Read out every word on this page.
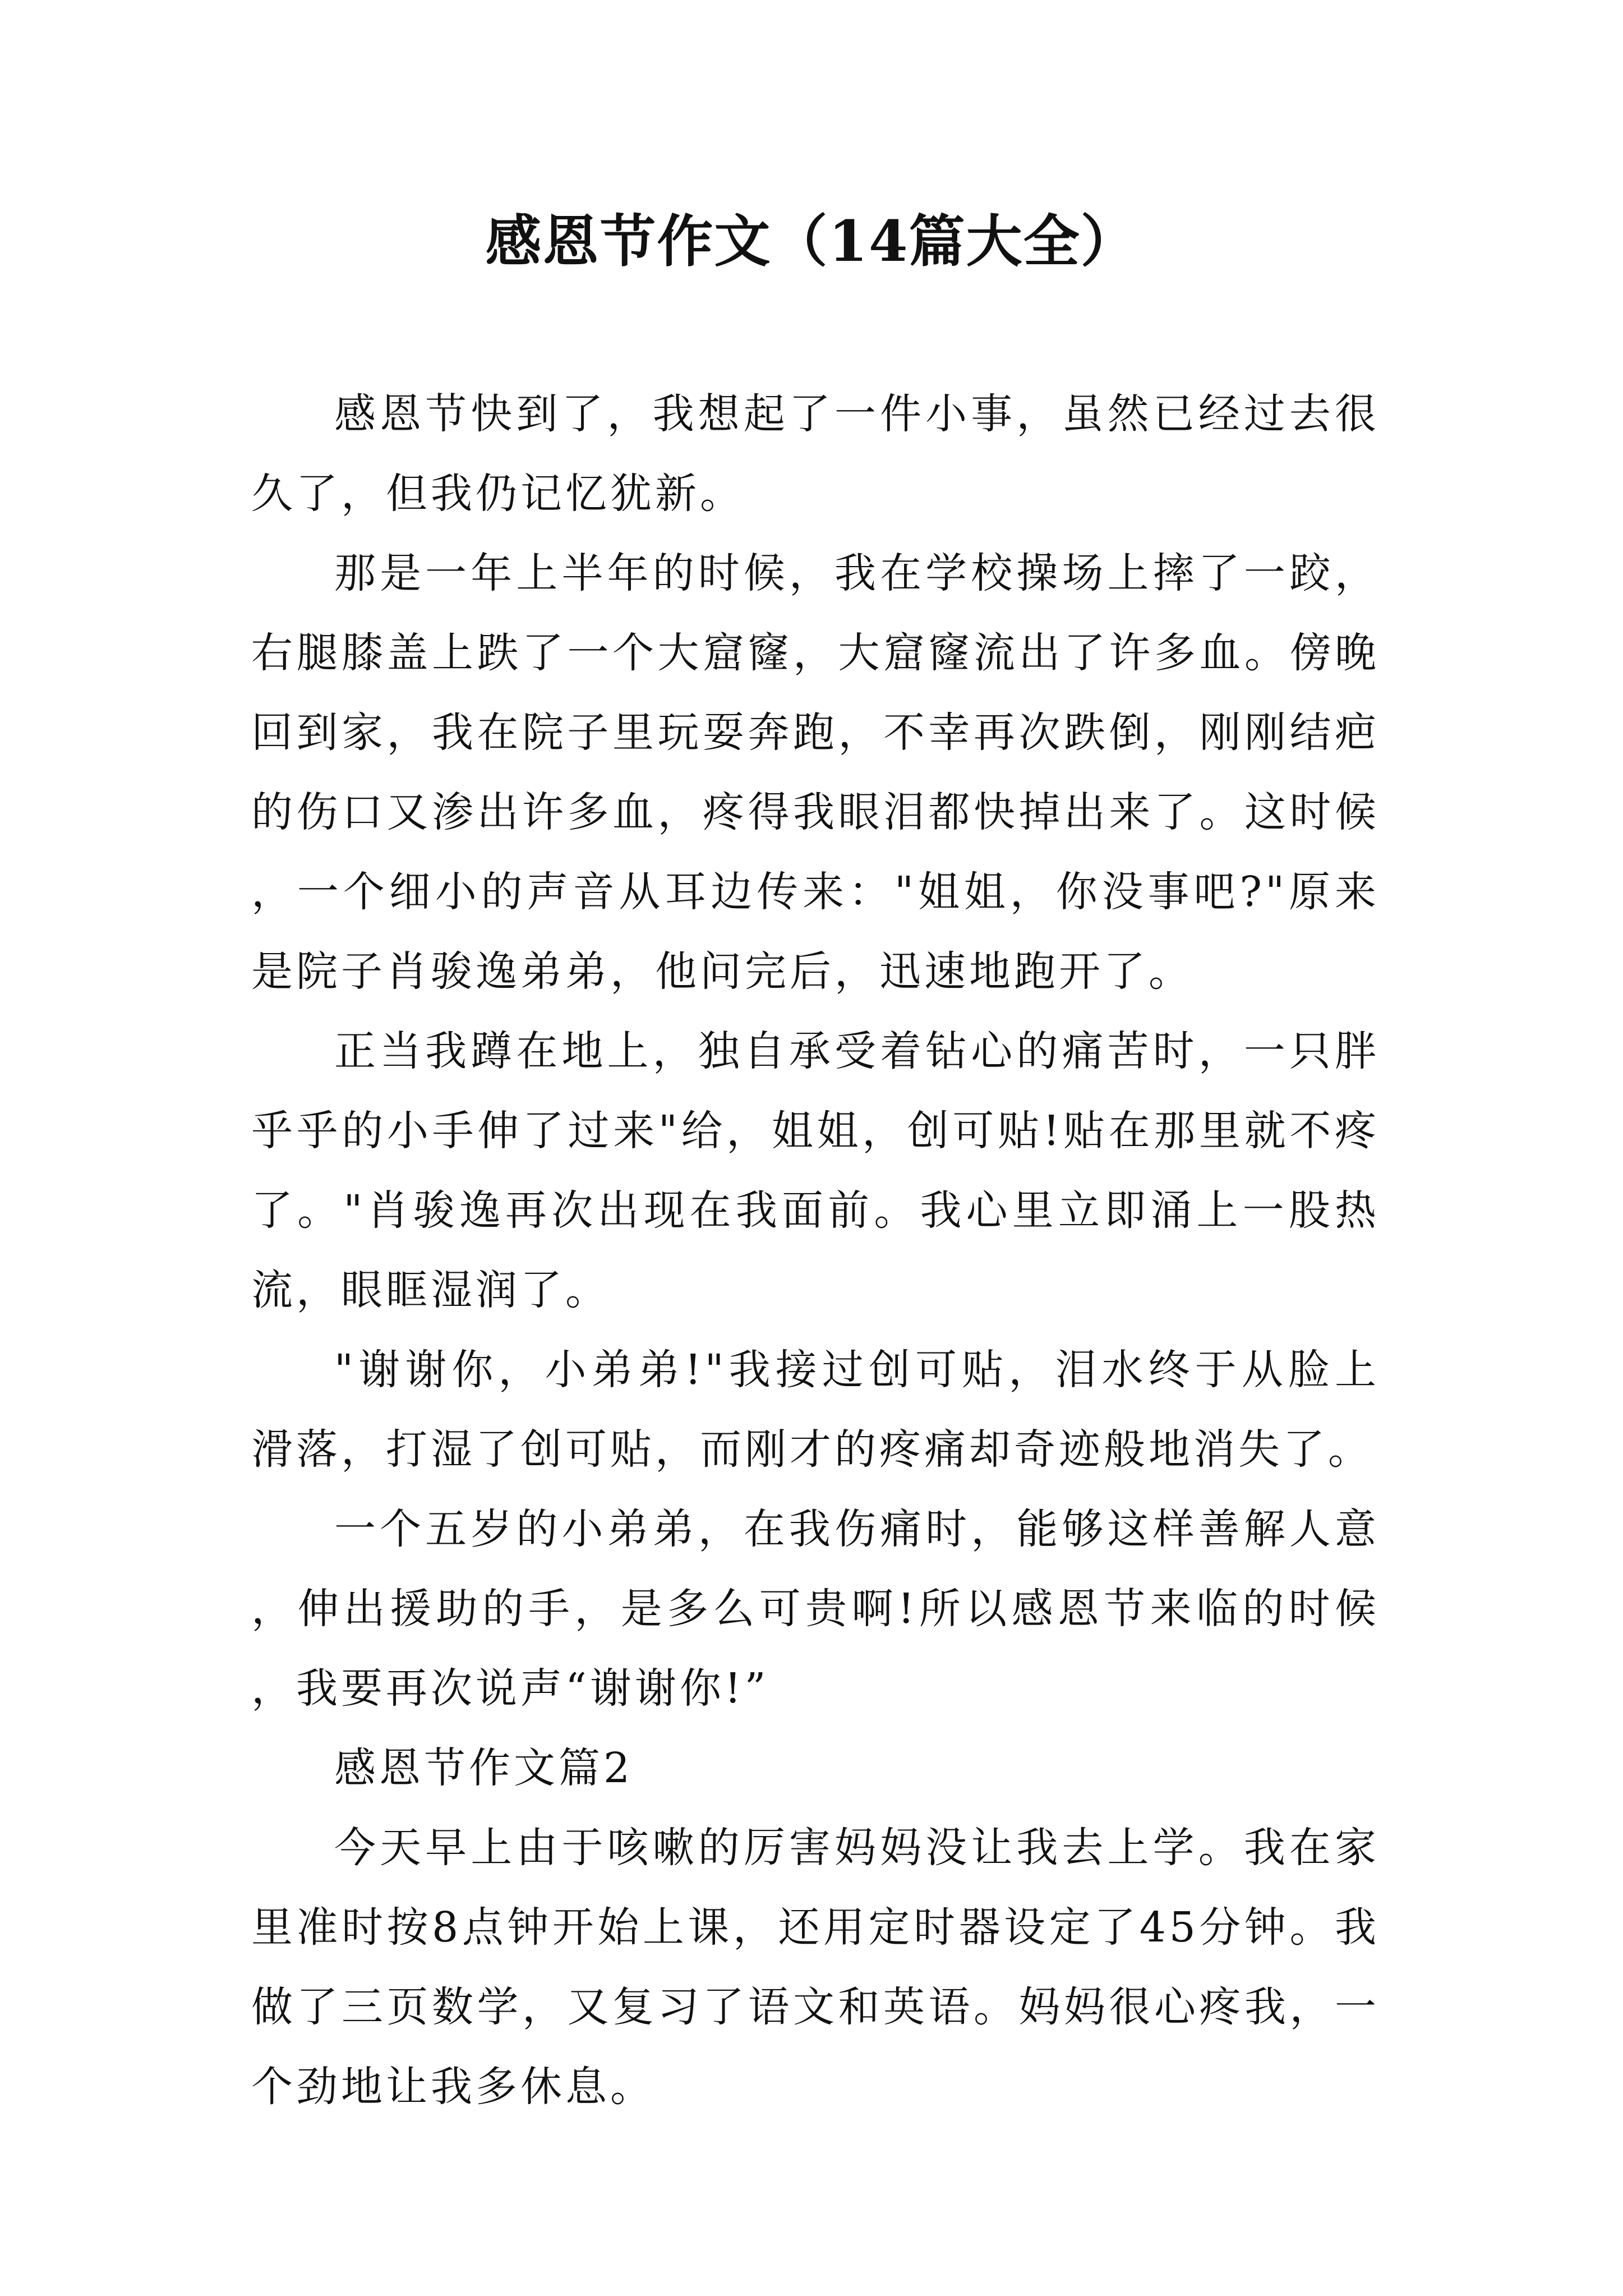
感恩节作文（14篇大全）

感恩节快到了，我想起了一件小事，虽然已经过去很久了，但我仍记忆犹新。

那是一年上半年的时候，我在学校操场上摔了一跤，右腿膝盖上跌了一个大窟窿，大窟窿流出了许多血。傍晚回到家，我在院子里玩耍奔跑，不幸再次跌倒，刚刚结疤的伤口又渗出许多血，疼得我眼泪都快掉出来了。这时候，一个细小的声音从耳边传来："姐姐，你没事吧?"原来是院子肖骏逸弟弟，他问完后，迅速地跑开了。

正当我蹲在地上，独自承受着钻心的痛苦时，一只胖乎乎的小手伸了过来"给，姐姐，创可贴!贴在那里就不疼了。"肖骏逸再次出现在我面前。我心里立即涌上一股热流，眼眶湿润了。

"谢谢你，小弟弟!"我接过创可贴，泪水终于从脸上滑落，打湿了创可贴，而刚才的疼痛却奇迹般地消失了。

一个五岁的小弟弟，在我伤痛时，能够这样善解人意，伸出援助的手，是多么可贵啊!所以感恩节来临的时候，我要再次说声“谢谢你!”

感恩节作文篇2

今天早上由于咳嗽的厉害妈妈没让我去上学。我在家里准时按8点钟开始上课，还用定时器设定了45分钟。我做了三页数学，又复习了语文和英语。妈妈很心疼我，一个劲地让我多休息。
